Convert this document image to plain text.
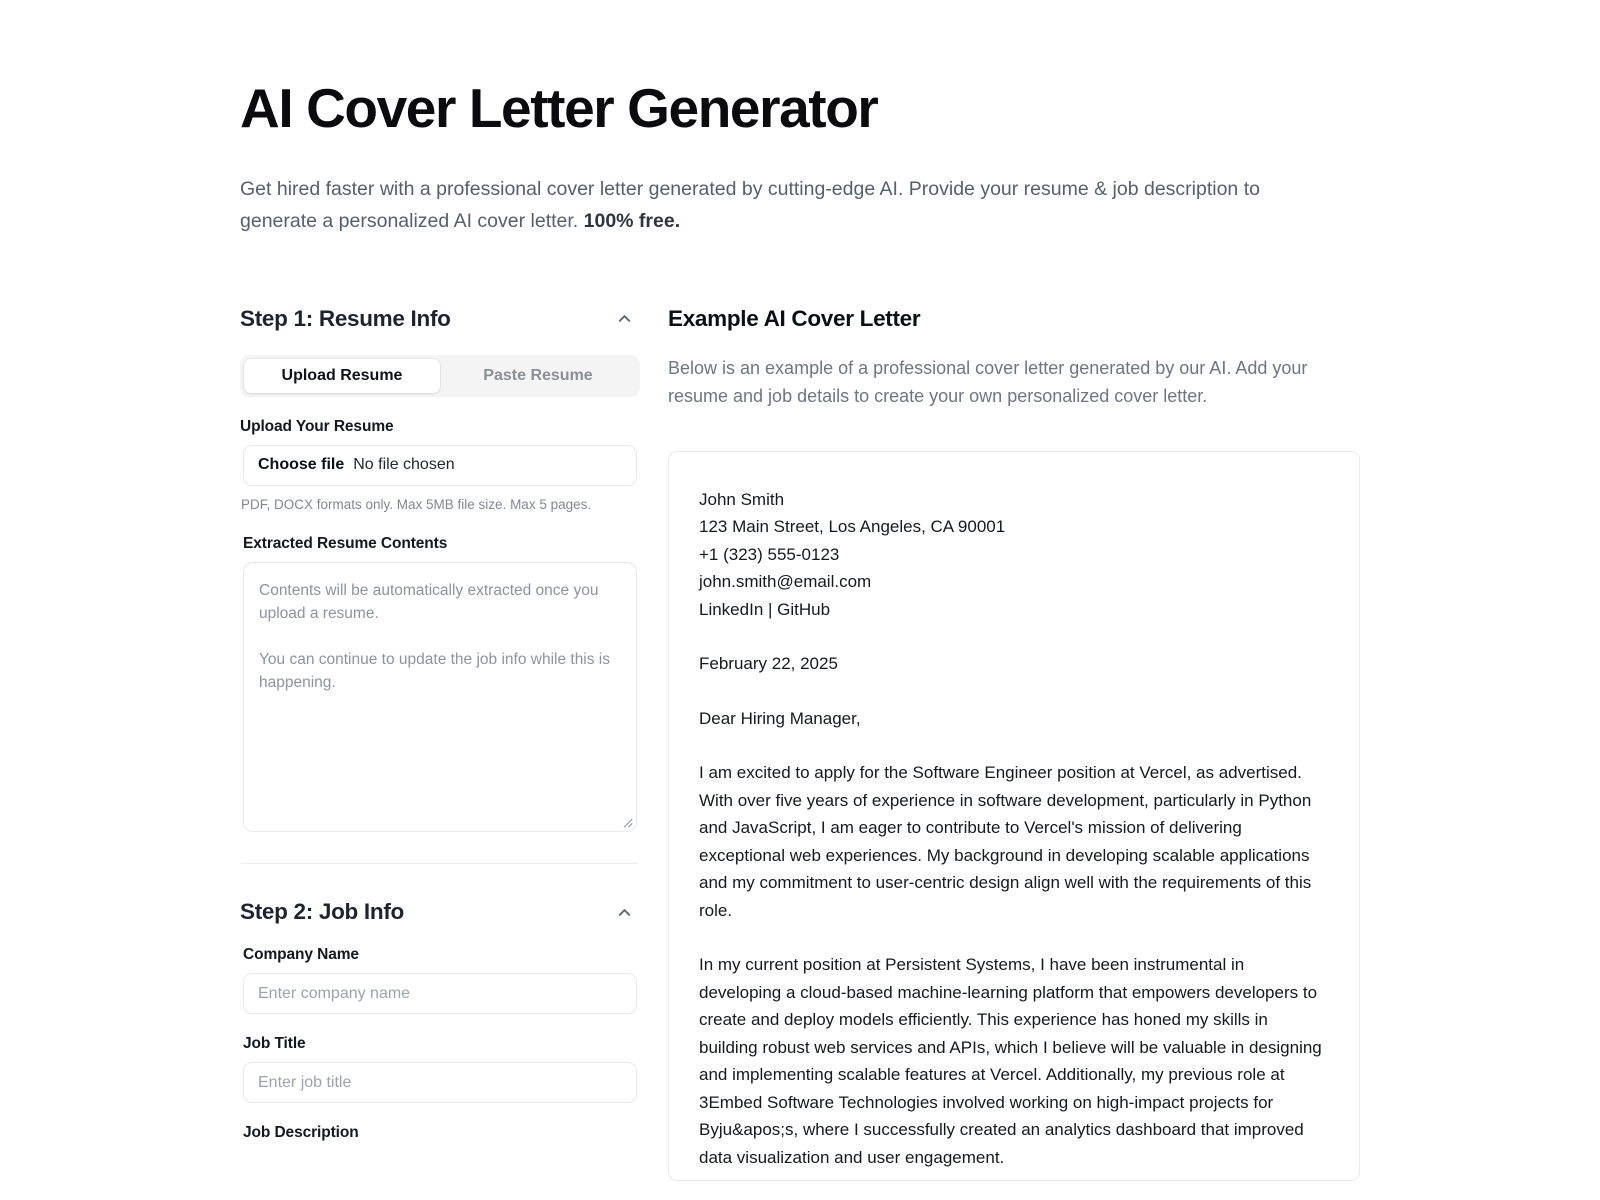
AI Cover Letter Generator

Get hired faster with a professional cover letter generated by cutting-edge AI. Provide your resume & job description to generate a personalized AI cover letter. 100% free.

Step 1: Resume Info
Upload Resume	Paste Resume
Upload Your Resume
Choose file No file chosen
PDF, DOCX formats only. Max 5MB file size. Max 5 pages.
Extracted Resume Contents

Contents will be automatically extracted once you upload a resume.

You can continue to update the job info while this is happening.

Step 2: Job Info
Company Name
Enter company name
Job Title
Enter job title
Job Description
Example AI Cover Letter

Below is an example of a professional cover letter generated by our AI. Add your resume and job details to create your own personalized cover letter.

John Smith

123 Main Street, Los Angeles, CA 90001

+1 (323) 555-0123

john.smith@email.com

LinkedIn | GitHub

February 22, 2025

Dear Hiring Manager,

I am excited to apply for the Software Engineer position at Vercel, as advertised. With over five years of experience in software development, particularly in Python and JavaScript, I am eager to contribute to Vercel's mission of delivering exceptional web experiences. My background in developing scalable applications and my commitment to user-centric design align well with the requirements of this role.

In my current position at Persistent Systems, I have been instrumental in developing a cloud-based machine-learning platform that empowers developers to create and deploy models efficiently. This experience has honed my skills in building robust web services and APIs, which I believe will be valuable in designing and implementing scalable features at Vercel. Additionally, my previous role at 3Embed Software Technologies involved working on high-impact projects for Byju&apos;s, where I successfully created an analytics dashboard that improved data visualization and user engagement.
